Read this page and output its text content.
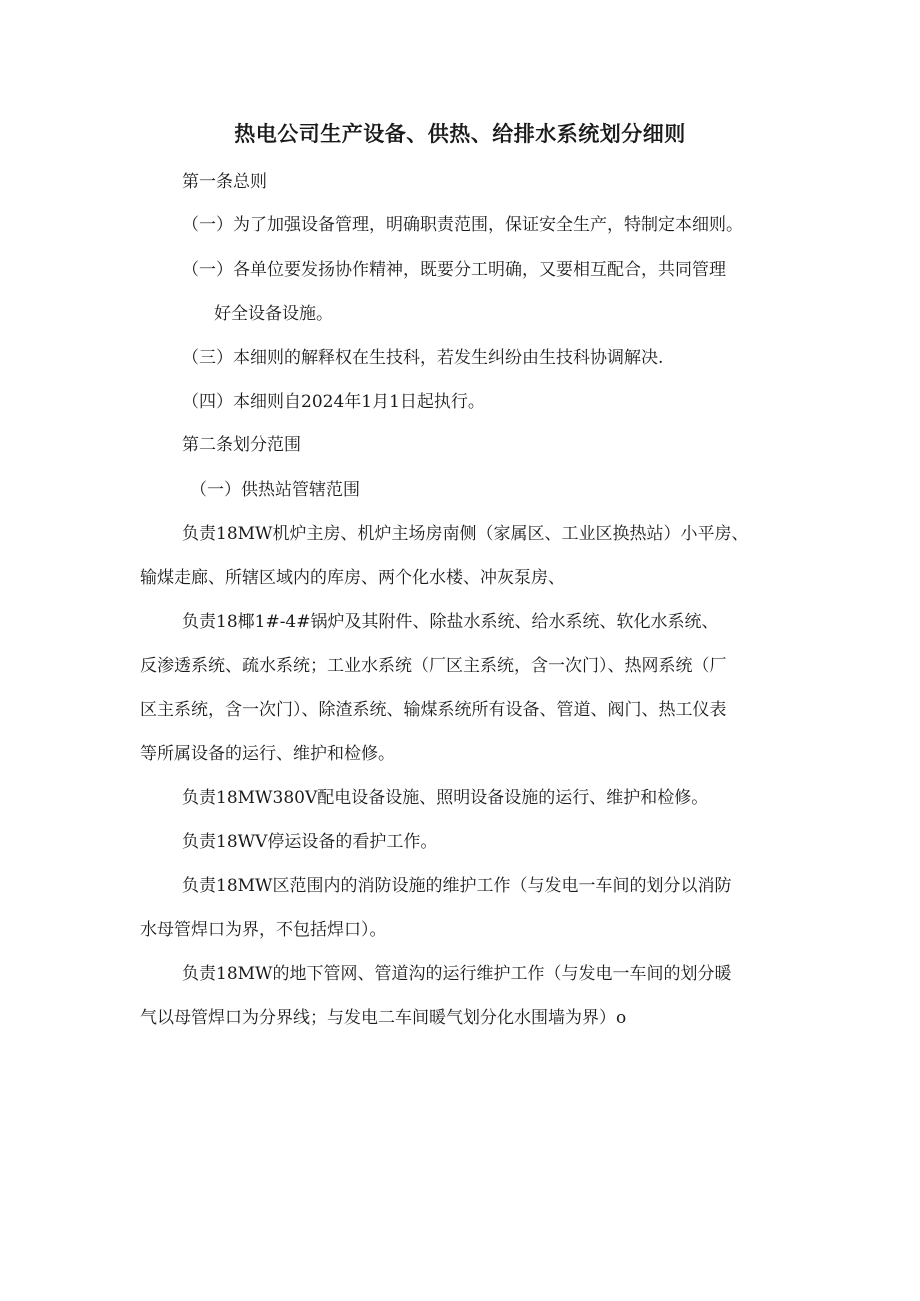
热电公司生产设备、供热、给排水系统划分细则
第一条总则
（一）为了加强设备管理，明确职责范围，保证安全生产，特制定本细则。
（一）各单位要发扬协作精神，既要分工明确，又要相互配合，共同管理
好全设备设施。
（三）本细则的解释权在生技科，若发生纠纷由生技科协调解决.
（四）本细则自2024年1月1日起执行。
第二条划分范围
（一）供热站管辖范围
负责18MW机炉主房、机炉主场房南侧（家属区、工业区换热站）小平房、
输煤走廊、所辖区域内的库房、两个化水楼、冲灰泵房、
负责18椰1#-4#锅炉及其附件、除盐水系统、给水系统、软化水系统、
反渗透系统、疏水系统；工业水系统（厂区主系统，含一次门）、热网系统（厂
区主系统，含一次门）、除渣系统、输煤系统所有设备、管道、阀门、热工仪表
等所属设备的运行、维护和检修。
负责18MW380V配电设备设施、照明设备设施的运行、维护和检修。
负责18WV停运设备的看护工作。
负责18MW区范围内的消防设施的维护工作（与发电一车间的划分以消防
水母管焊口为界，不包括焊口）。
负责18MW的地下管网、管道沟的运行维护工作（与发电一车间的划分暖
气以母管焊口为分界线；与发电二车间暖气划分化水围墙为界）o
